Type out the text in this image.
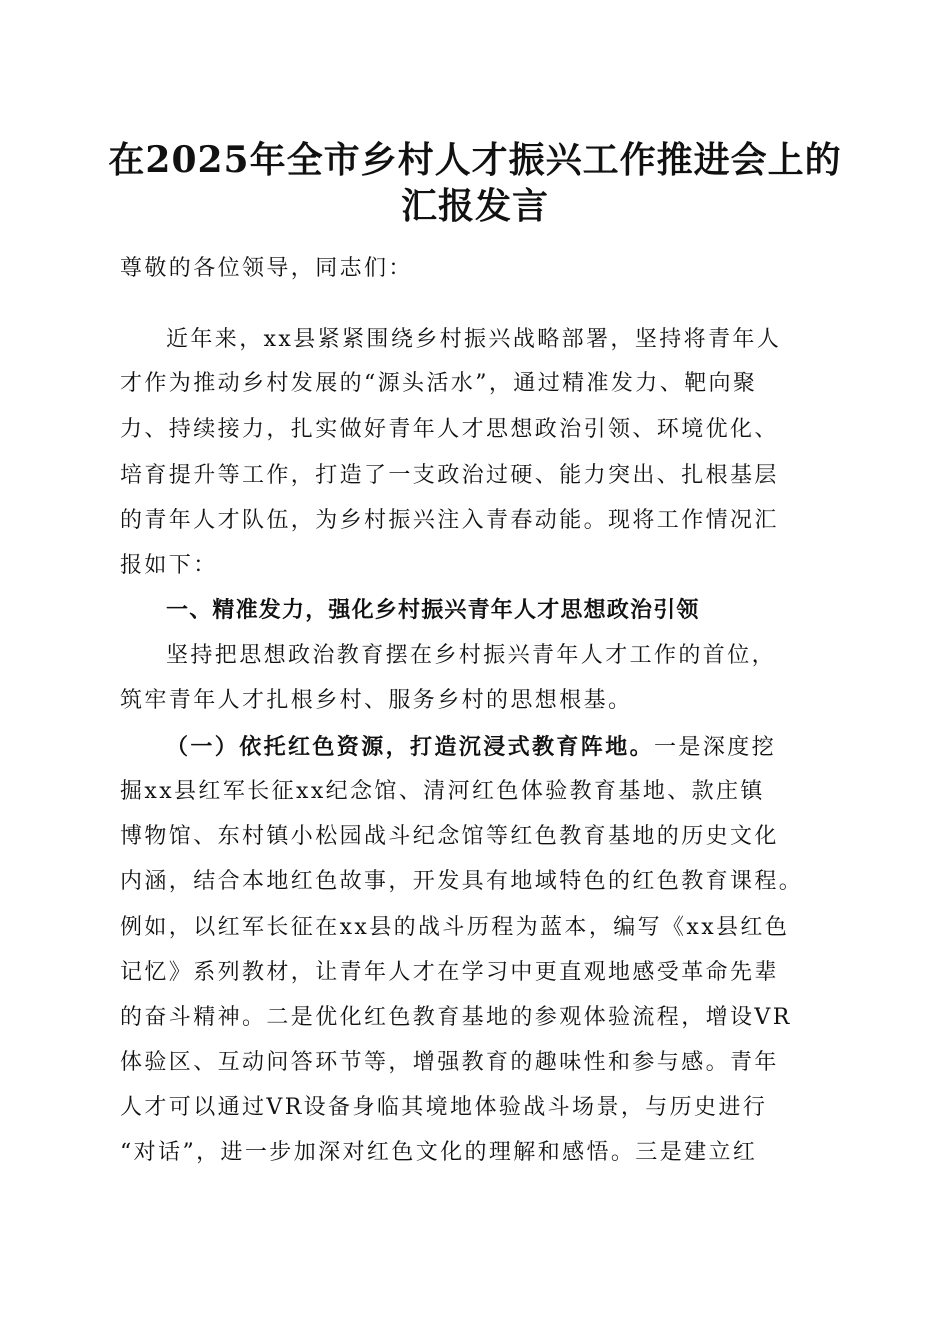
在2025年全市乡村人才振兴工作推进会上的
汇报发言
尊敬的各位领导，同志们：
近年来，xx县紧紧围绕乡村振兴战略部署，坚持将青年人
才作为推动乡村发展的“源头活水”，通过精准发力、靶向聚
力、持续接力，扎实做好青年人才思想政治引领、环境优化、
培育提升等工作，打造了一支政治过硬、能力突出、扎根基层
的青年人才队伍，为乡村振兴注入青春动能。现将工作情况汇
报如下：
一、精准发力，强化乡村振兴青年人才思想政治引领
坚持把思想政治教育摆在乡村振兴青年人才工作的首位，
筑牢青年人才扎根乡村、服务乡村的思想根基。
（一）依托红色资源，打造沉浸式教育阵地。一是深度挖
掘xx县红军长征xx纪念馆、清河红色体验教育基地、款庄镇
博物馆、东村镇小松园战斗纪念馆等红色教育基地的历史文化
内涵，结合本地红色故事，开发具有地域特色的红色教育课程。
例如，以红军长征在xx县的战斗历程为蓝本，编写《xx县红色
记忆》系列教材，让青年人才在学习中更直观地感受革命先辈
的奋斗精神。二是优化红色教育基地的参观体验流程，增设VR
体验区、互动问答环节等，增强教育的趣味性和参与感。青年
人才可以通过VR设备身临其境地体验战斗场景，与历史进行
“对话”，进一步加深对红色文化的理解和感悟。三是建立红
